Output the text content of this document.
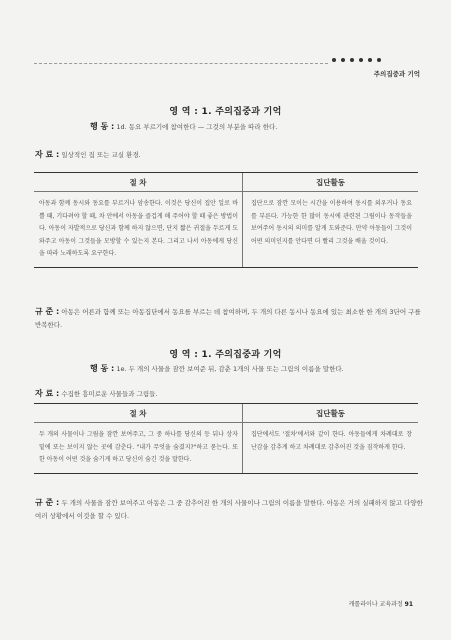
주의집중과 기억
영 역 : 1. 주의집중과 기억
행 동 : 1d. 동요 부르기에 참여한다 — 그것의 부분을 따라 한다.
자 료 : 일상적인 집 또는 교실 환경.
절 차	집단활동
아동과 함께 동시와 동요를 부르거나 암송한다. 이것은 당신이 집안 일로 바쁠 때, 기다려야 할 때, 차 안에서 아동을 즐겁게 해 주어야 할 때 좋은 방법이다. 아동이 자발적으로 당신과 함께 하지 않으면, 단지 짧은 귀절을 두르게 도와주고 아동이 그것들을 모방할 수 있는지 본다. 그리고 나서 아동에게 당신을 따라 노래하도록 요구한다.
집단으로 잠깐 모이는 시간을 이용하여 동시를 외우거나 동요를 부른다. 가능한 한 많이 동시에 관련된 그림이나 동작들을 보여주어 동시의 의미를 알게 도와준다. 만약 아동들이 그것이 어떤 의미인지를 안다면 더 빨리 그것을 배울 것이다.
규 준 : 아동은 어른과 함께 또는 아동집단에서 동요를 부르는 데 참여하며, 두 개의 다른 동시나 동요에 있는 최소한 한 개의 3단어 구를 반복한다.
영 역 : 1. 주의집중과 기억
행 동 : 1e. 두 개의 사물을 잠깐 보여준 뒤, 감춘 1개의 사물 또는 그림의 이름을 말한다.
자 료 : 수집한 흥미로운 사물들과 그림들.
절 차	집단활동
두 개의 사물이나 그림을 잠깐 보여주고, 그 중 하나를 당신의 등 뒤나 상자 밑에 또는 보이지 않는 곳에 감춘다. "내가 무엇을 숨겼지?"하고 묻는다. 또한 아동이 어떤 것을 숨기게 하고 당신이 숨긴 것을 말한다.
집단에서도 '절차'에서와 같이 한다. 아동들에게 차례대로 장난감을 감추게 하고 차례대로 감추어진 것을 짐작하게 한다.
규 준 : 두 개의 사물을 잠깐 보여주고 아동은 그 중 감추어진 한 개의 사물이나 그림의 이름을 말한다. 아동은 거의 실패하지 않고 다양한 여러 상황에서 이것을 할 수 있다.
캐롤라이나 교육과정 91
